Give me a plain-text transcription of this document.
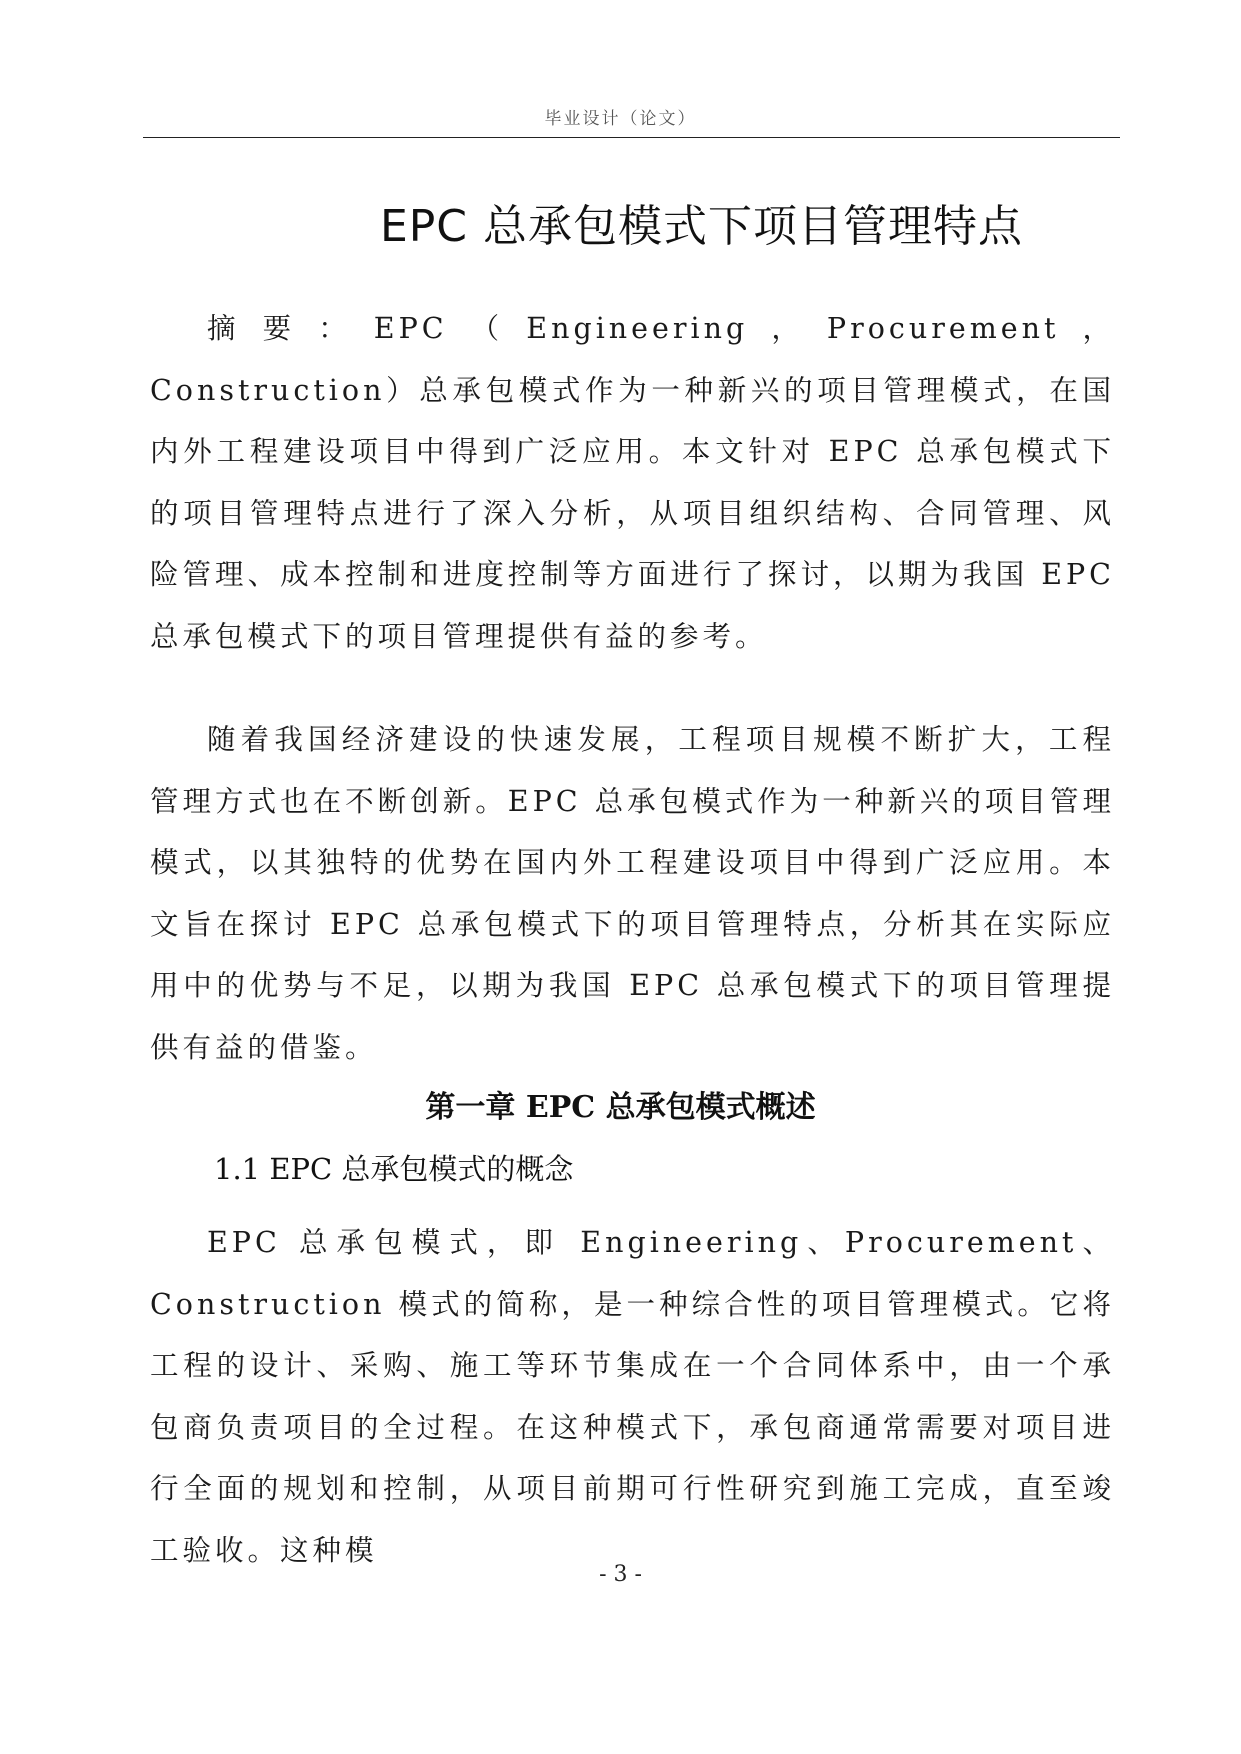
毕业设计（论文）
EPC 总承包模式下项目管理特点

摘要：EPC（Engineering，Procurement，Construction）总承包模式作为一种新兴的项目管理模式，在国内外工程建设项目中得到广泛应用。本文针对 EPC 总承包模式下的项目管理特点进行了深入分析，从项目组织结构、合同管理、风险管理、成本控制和进度控制等方面进行了探讨，以期为我国 EPC 总承包模式下的项目管理提供有益的参考。

随着我国经济建设的快速发展，工程项目规模不断扩大，工程管理方式也在不断创新。EPC 总承包模式作为一种新兴的项目管理模式，以其独特的优势在国内外工程建设项目中得到广泛应用。本文旨在探讨 EPC 总承包模式下的项目管理特点，分析其在实际应用中的优势与不足，以期为我国 EPC 总承包模式下的项目管理提供有益的借鉴。

第一章 EPC 总承包模式概述
1.1 EPC 总承包模式的概念

EPC 总承包模式，即 Engineering、Procurement、Construction 模式的简称，是一种综合性的项目管理模式。它将工程的设计、采购、施工等环节集成在一个合同体系中，由一个承包商负责项目的全过程。在这种模式下，承包商通常需要对项目进行全面的规划和控制，从项目前期可行性研究到施工完成，直至竣工验收。这种模

- 3 -
